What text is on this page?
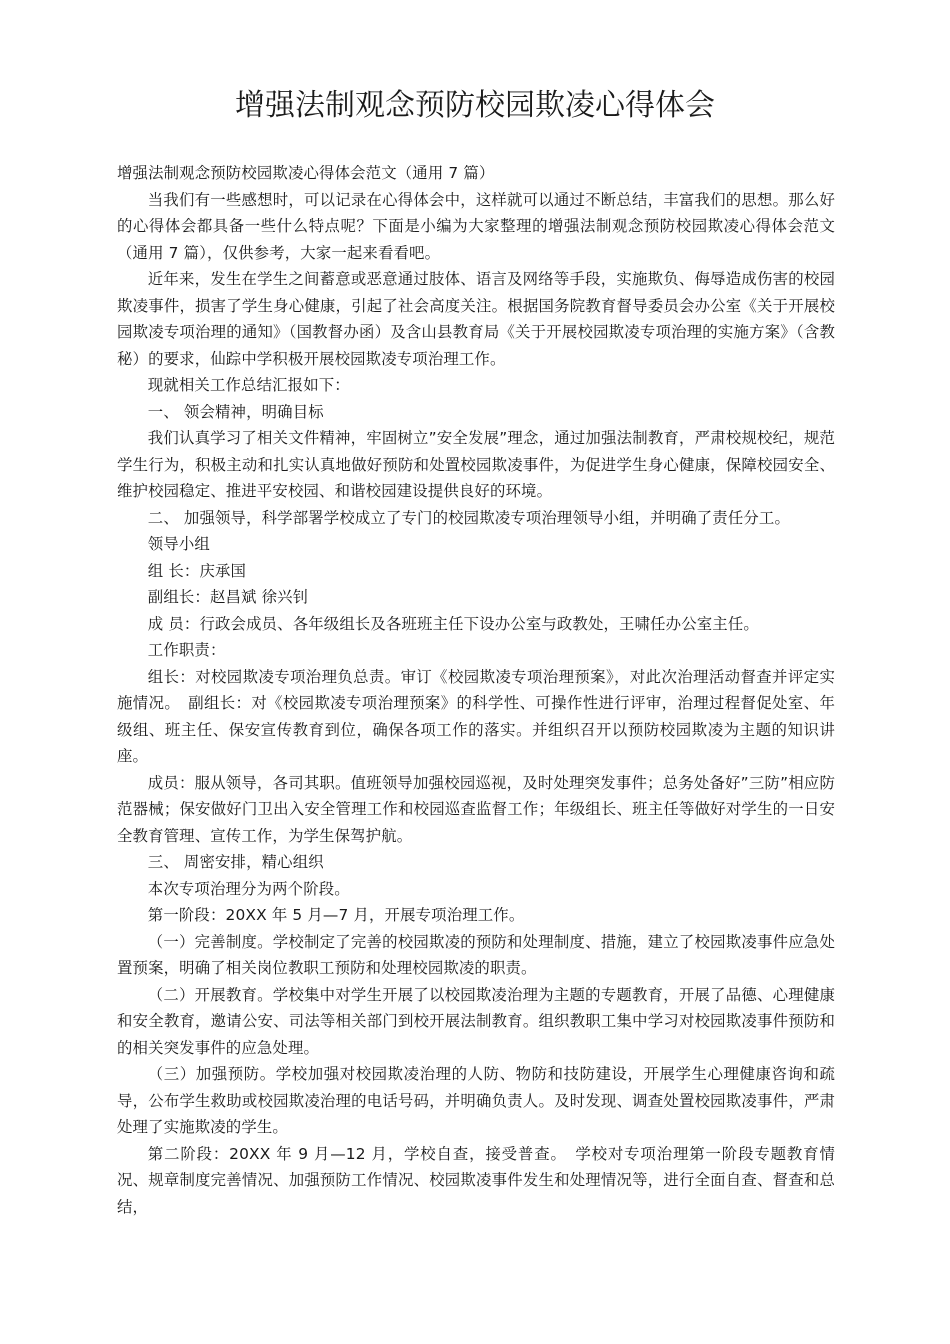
增强法制观念预防校园欺凌心得体会

增强法制观念预防校园欺凌心得体会范文（通用 7 篇）

当我们有一些感想时，可以记录在心得体会中，这样就可以通过不断总结，丰富我们的思想。那么好的心得体会都具备一些什么特点呢？下面是小编为大家整理的增强法制观念预防校园欺凌心得体会范文（通用 7 篇），仅供参考，大家一起来看看吧。

近年来，发生在学生之间蓄意或恶意通过肢体、语言及网络等手段，实施欺负、侮辱造成伤害的校园欺凌事件，损害了学生身心健康，引起了社会高度关注。根据国务院教育督导委员会办公室《关于开展校园欺凌专项治理的通知》（国教督办函）及含山县教育局《关于开展校园欺凌专项治理的实施方案》（含教秘）的要求，仙踪中学积极开展校园欺凌专项治理工作。

现就相关工作总结汇报如下：

一、 领会精神，明确目标

我们认真学习了相关文件精神，牢固树立”安全发展”理念，通过加强法制教育，严肃校规校纪，规范学生行为，积极主动和扎实认真地做好预防和处置校园欺凌事件，为促进学生身心健康，保障校园安全、维护校园稳定、推进平安校园、和谐校园建设提供良好的环境。

二、 加强领导，科学部署学校成立了专门的校园欺凌专项治理领导小组，并明确了责任分工。

领导小组

组 长：庆承国

副组长：赵昌斌 徐兴钊

成 员：行政会成员、各年级组长及各班班主任下设办公室与政教处，王啸任办公室主任。

工作职责：

组长：对校园欺凌专项治理负总责。审订《校园欺凌专项治理预案》，对此次治理活动督查并评定实施情况。　副组长：对《校园欺凌专项治理预案》的科学性、可操作性进行评审，治理过程督促处室、年级组、班主任、保安宣传教育到位，确保各项工作的落实。并组织召开以预防校园欺凌为主题的知识讲座。

成员：服从领导，各司其职。值班领导加强校园巡视，及时处理突发事件；总务处备好”三防”相应防范器械；保安做好门卫出入安全管理工作和校园巡查监督工作；年级组长、班主任等做好对学生的一日安全教育管理、宣传工作，为学生保驾护航。

三、 周密安排，精心组织

本次专项治理分为两个阶段。

第一阶段：20XX 年 5 月—7 月，开展专项治理工作。

（一）完善制度。学校制定了完善的校园欺凌的预防和处理制度、措施，建立了校园欺凌事件应急处置预案，明确了相关岗位教职工预防和处理校园欺凌的职责。

（二）开展教育。学校集中对学生开展了以校园欺凌治理为主题的专题教育，开展了品德、心理健康和安全教育，邀请公安、司法等相关部门到校开展法制教育。组织教职工集中学习对校园欺凌事件预防和的相关突发事件的应急处理。

（三）加强预防。学校加强对校园欺凌治理的人防、物防和技防建设，开展学生心理健康咨询和疏导，公布学生救助或校园欺凌治理的电话号码，并明确负责人。及时发现、调查处置校园欺凌事件，严肃处理了实施欺凌的学生。

第二阶段：20XX 年 9 月—12 月，学校自查，接受普查。　学校对专项治理第一阶段专题教育情况、规章制度完善情况、加强预防工作情况、校园欺凌事件发生和处理情况等，进行全面自查、督查和总结，
